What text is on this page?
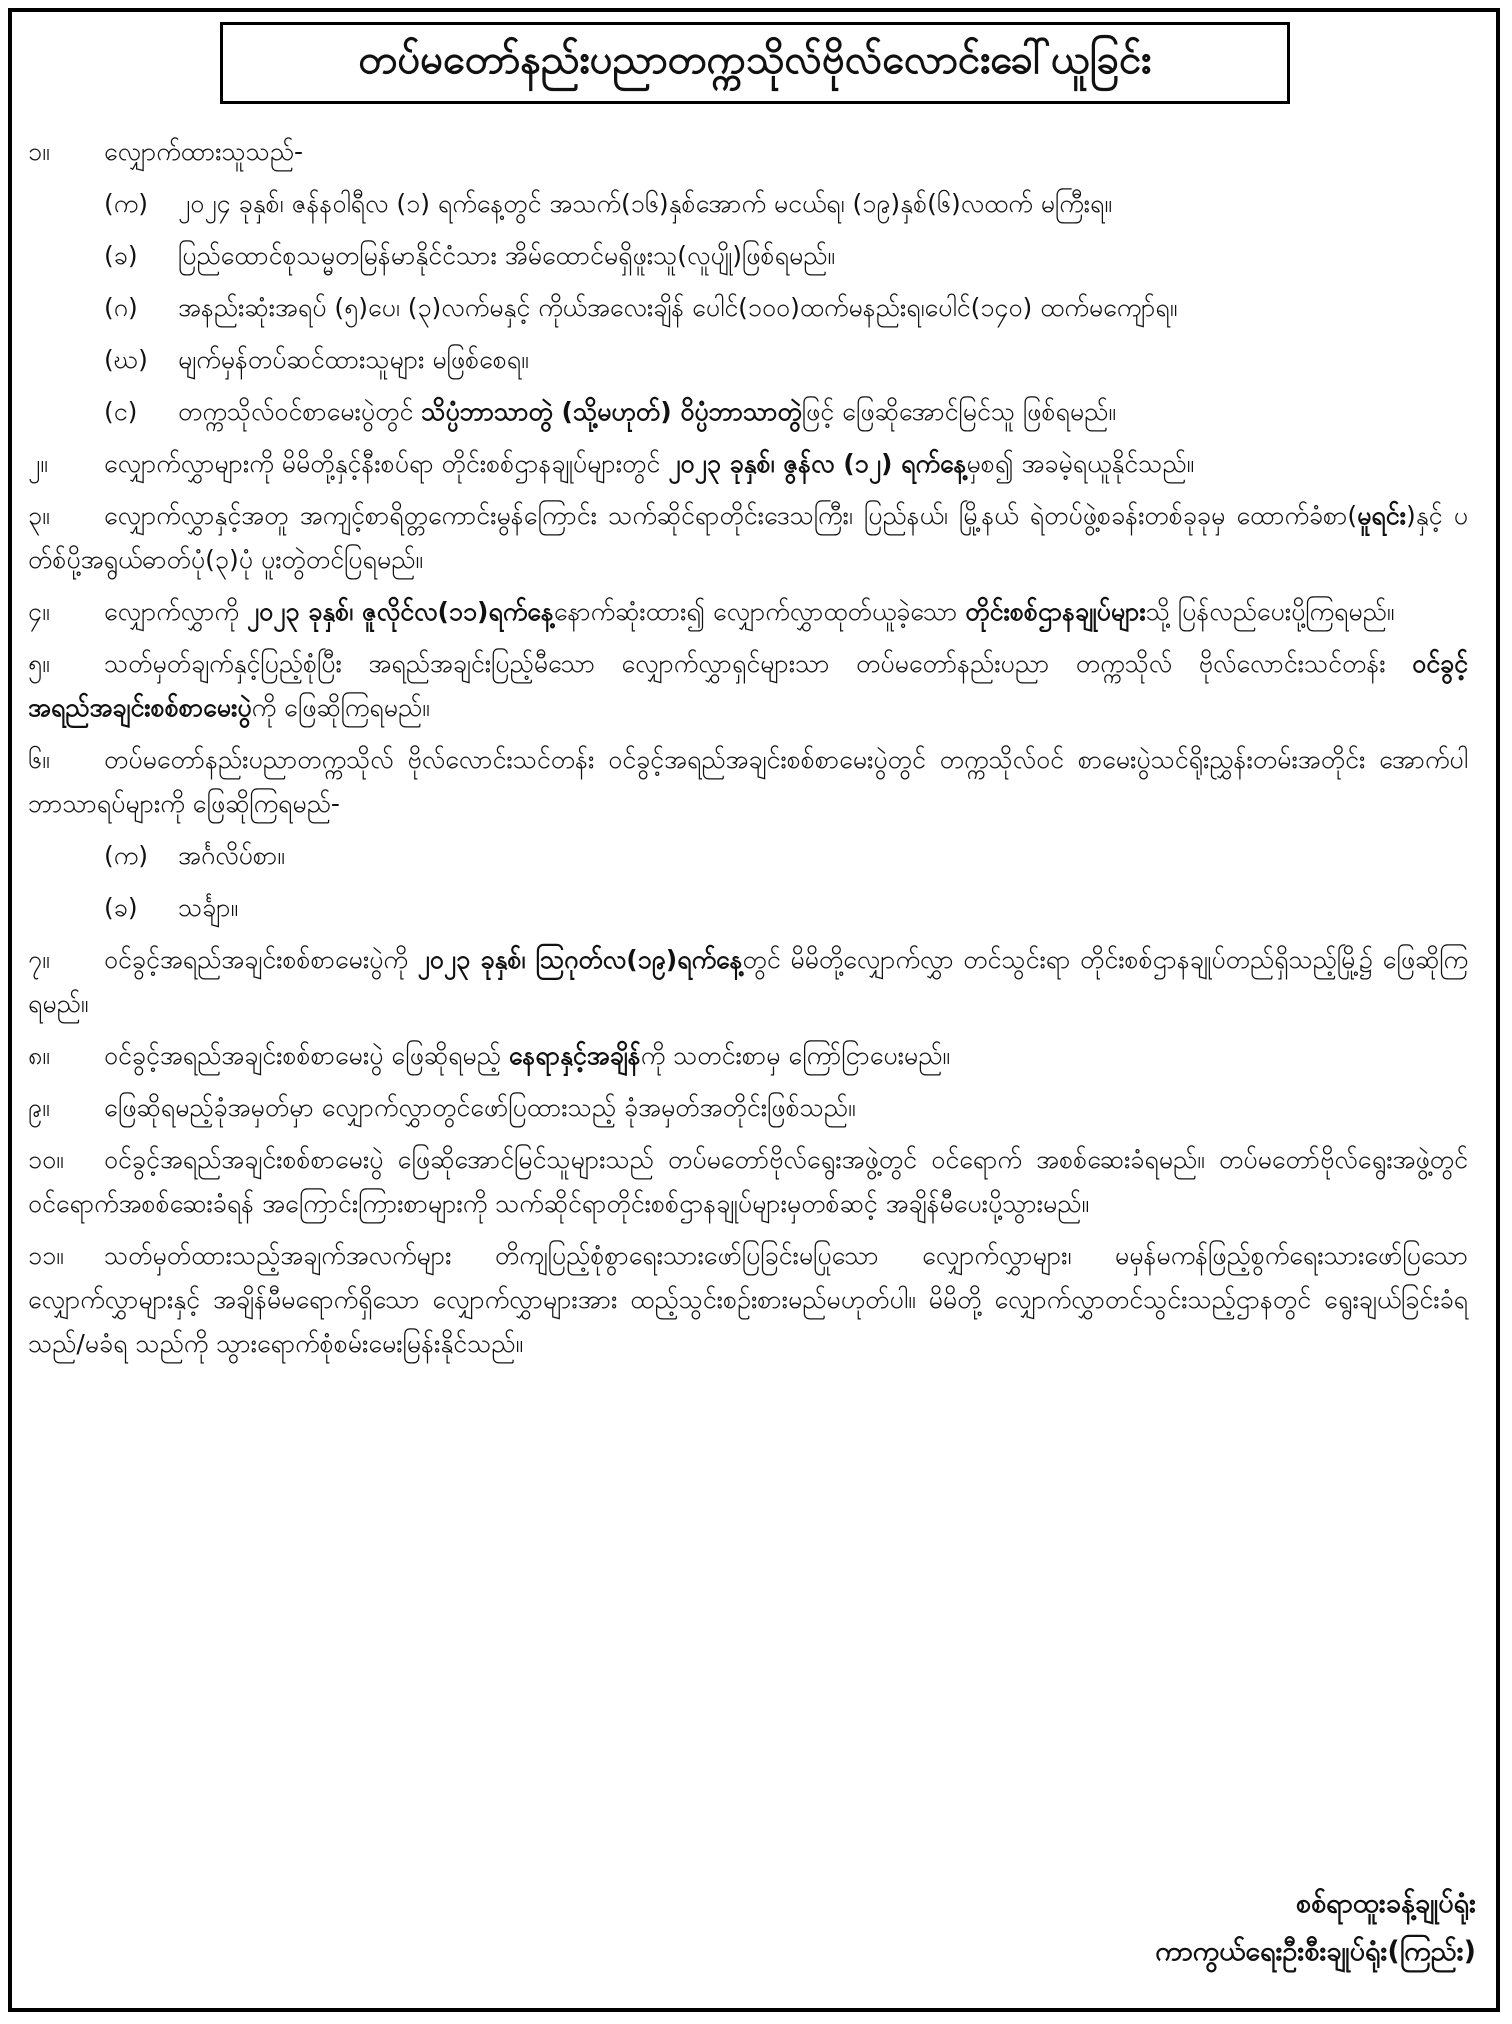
တပ်မတော်နည်းပညာတက္ကသိုလ်ဗိုလ်လောင်းခေါ်ယူခြင်း
၁။ လျှောက်ထားသူသည်-
(က)	၂၀၂၄ ခုနှစ်၊ ဇန်နဝါရီလ (၁) ရက်နေ့တွင် အသက်(၁၆)နှစ်အောက် မငယ်ရ၊ (၁၉)နှစ်(၆)လထက် မကြီးရ။
(ခ)	ပြည်ထောင်စုသမ္မတမြန်မာနိုင်ငံသား အိမ်ထောင်မရှိဖူးသူ(လူပျို)ဖြစ်ရမည်။
(ဂ)	အနည်းဆုံးအရပ် (၅)ပေ၊ (၃)လက်မနှင့် ကိုယ်အလေးချိန် ပေါင်(၁၀၀)ထက်မနည်းရ၊ပေါင်(၁၄၀) ထက်မကျော်ရ။
(ဃ)	မျက်မှန်တပ်ဆင်ထားသူများ မဖြစ်စေရ။
(င)	တက္ကသိုလ်ဝင်စာမေးပွဲတွင် သိပ္ပံဘာသာတွဲ (သို့မဟုတ်) ဝိပ္ပံဘာသာတွဲဖြင့် ဖြေဆိုအောင်မြင်သူ ဖြစ်ရမည်။
၂။ လျှောက်လွှာများကို မိမိတို့နှင့်နီးစပ်ရာ တိုင်းစစ်ဌာနချုပ်များတွင် ၂၀၂၃ ခုနှစ်၊ ဇွန်လ (၁၂) ရက်နေ့မှစ၍ အခမဲ့ရယူနိုင်သည်။
၃။ လျှောက်လွှာနှင့်အတူ အကျင့်စာရိတ္တကောင်းမွန်ကြောင်း သက်ဆိုင်ရာတိုင်းဒေသကြီး၊ ပြည်နယ်၊ မြို့နယ် ရဲတပ်ဖွဲ့စခန်းတစ်ခုခုမှ ထောက်ခံစာ(မူရင်း)နှင့် ပတ်စ်ပို့အရွယ်ဓာတ်ပုံ(၃)ပုံ ပူးတွဲတင်ပြရမည်။
၄။ လျှောက်လွှာကို ၂၀၂၃ ခုနှစ်၊ ဇူလိုင်လ(၁၁)ရက်နေ့နောက်ဆုံးထား၍ လျှောက်လွှာထုတ်ယူခဲ့သော တိုင်းစစ်ဌာနချုပ်များသို့ ပြန်လည်ပေးပို့ကြရမည်။
၅။ သတ်မှတ်ချက်နှင့်ပြည့်စုံပြီး အရည်အချင်းပြည့်မီသော လျှောက်လွှာရှင်များသာ တပ်မတော်နည်းပညာ တက္ကသိုလ် ဗိုလ်လောင်းသင်တန်း ဝင်ခွင့်အရည်အချင်းစစ်စာမေးပွဲကို ဖြေဆိုကြရမည်။
၆။ တပ်မတော်နည်းပညာတက္ကသိုလ် ဗိုလ်လောင်းသင်တန်း ဝင်ခွင့်အရည်အချင်းစစ်စာမေးပွဲတွင် တက္ကသိုလ်ဝင် စာမေးပွဲသင်ရိုးညွှန်းတမ်းအတိုင်း အောက်ပါဘာသာရပ်များကို ဖြေဆိုကြရမည်-
(က)	အင်္ဂလိပ်စာ။
(ခ)	သင်္ချာ။
၇။ ဝင်ခွင့်အရည်အချင်းစစ်စာမေးပွဲကို ၂၀၂၃ ခုနှစ်၊ ဩဂုတ်လ(၁၉)ရက်နေ့တွင် မိမိတို့လျှောက်လွှာ တင်သွင်းရာ တိုင်းစစ်ဌာနချုပ်တည်ရှိသည့်မြို့၌ ဖြေဆိုကြရမည်။
၈။ ဝင်ခွင့်အရည်အချင်းစစ်စာမေးပွဲ ဖြေဆိုရမည့် နေရာနှင့်အချိန်ကို သတင်းစာမှ ကြော်ငြာပေးမည်။
၉။ ဖြေဆိုရမည့်ခုံအမှတ်မှာ လျှောက်လွှာတွင်ဖော်ပြထားသည့် ခုံအမှတ်အတိုင်းဖြစ်သည်။
၁၀။ ဝင်ခွင့်အရည်အချင်းစစ်စာမေးပွဲ ဖြေဆိုအောင်မြင်သူများသည် တပ်မတော်ဗိုလ်ရွေးအဖွဲ့တွင် ဝင်ရောက် အစစ်ဆေးခံရမည်။ တပ်မတော်ဗိုလ်ရွေးအဖွဲ့တွင် ဝင်ရောက်အစစ်ဆေးခံရန် အကြောင်းကြားစာများကို သက်ဆိုင်ရာတိုင်းစစ်ဌာနချုပ်များမှတစ်ဆင့် အချိန်မီပေးပို့သွားမည်။
၁၁။ သတ်မှတ်ထားသည့်အချက်အလက်များ တိကျပြည့်စုံစွာရေးသားဖော်ပြခြင်းမပြုသော လျှောက်လွှာများ၊ မမှန်မကန်ဖြည့်စွက်ရေးသားဖော်ပြသောလျှောက်လွှာများနှင့် အချိန်မီမရောက်ရှိသော လျှောက်လွှာများအား ထည့်သွင်းစဉ်းစားမည်မဟုတ်ပါ။ မိမိတို့ လျှောက်လွှာတင်သွင်းသည့်ဌာနတွင် ရွေးချယ်ခြင်းခံရသည်/မခံရ သည်ကို သွားရောက်စုံစမ်းမေးမြန်းနိုင်သည်။
စစ်ရာထူးခန့်ချုပ်ရုံး
ကာကွယ်ရေးဦးစီးချုပ်ရုံး(ကြည်း)
